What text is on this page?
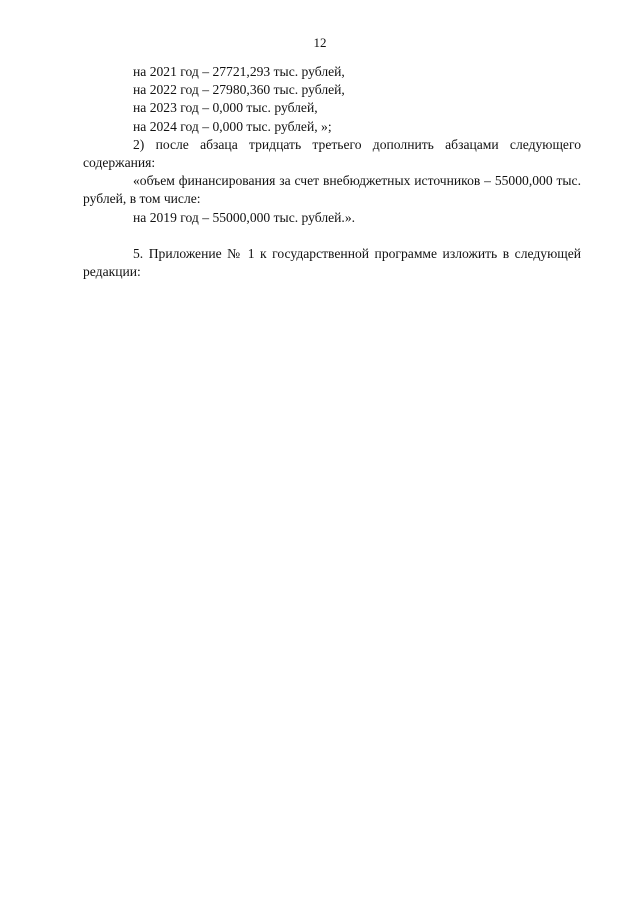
12

на 2021 год – 27721,293 тыс. рублей,

на 2022 год – 27980,360 тыс. рублей,

на 2023 год – 0,000 тыс. рублей,

на 2024 год – 0,000 тыс. рублей, »;

2) после абзаца тридцать третьего дополнить абзацами следующего содержания:

«объем финансирования за счет внебюджетных источников – 55000,000 тыс. рублей, в том числе:

на 2019 год – 55000,000 тыс. рублей.».

5. Приложение № 1 к государственной программе изложить в следующей редакции:
